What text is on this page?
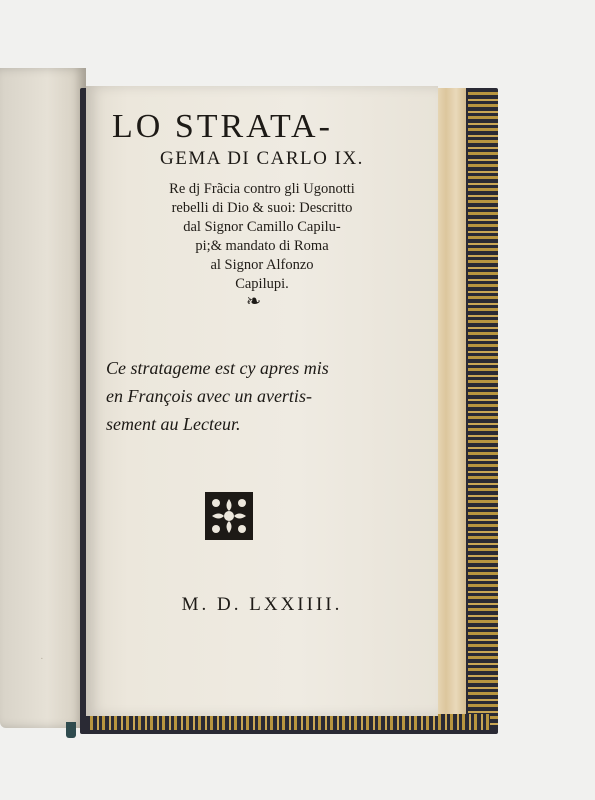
·
LO STRATA-
GEMA DI CARLO IX.
Re dj Frãcia contro gli Ugonotti
rebelli di Dio & suoi: Descritto
dal Signor Camillo Capilu-
pi;& mandato di Roma
al Signor Alfonzo
Capilupi.
❧
Ce stratageme est cy apres mis
en François avec un avertis-
sement au Lecteur.
M. D. LXXIIII.
